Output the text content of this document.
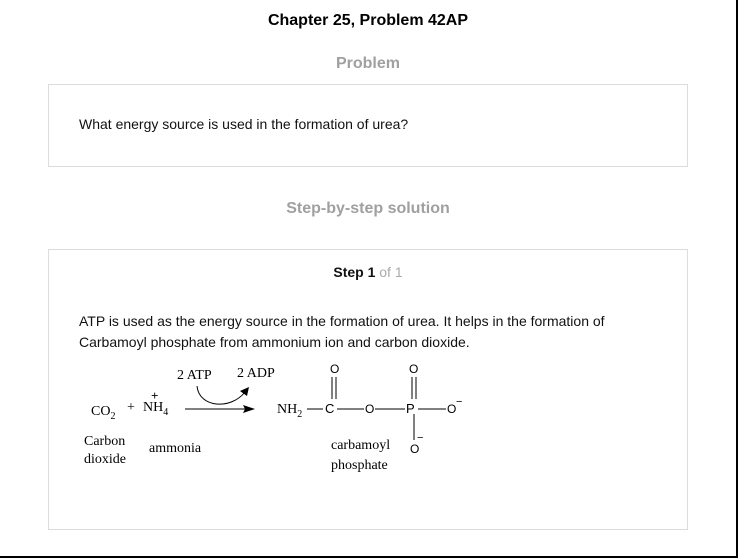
Chapter 25, Problem 42AP
Problem
What energy source is used in the formation of urea?
Step-by-step solution
Step 1 of 1
ATP is used as the energy source in the formation of urea. It helps in the formation of Carbamoyl phosphate from ammonium ion and carbon dioxide.
$CO_2$
+ $NH_4$
+
2 ATP 2 ADP
$NH_2$ C
O
O P
O
O −
O
−
Carbon
dioxide
ammonia	carbamoyl
phosphate
